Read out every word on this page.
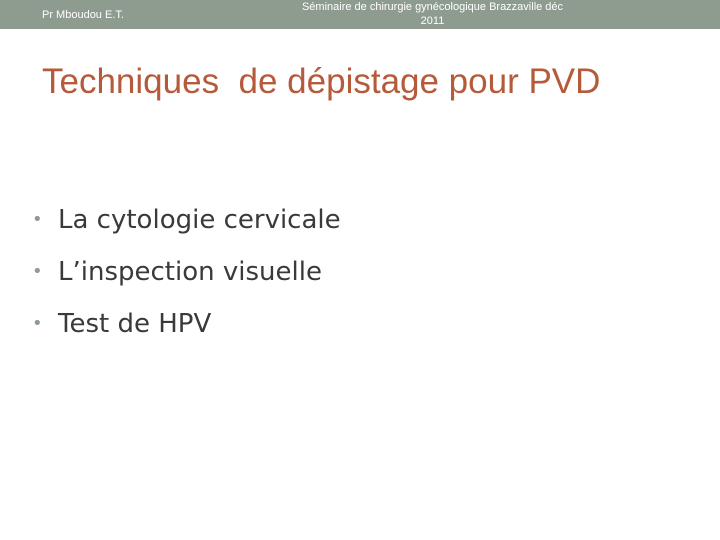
Pr Mboudou E.T.
Séminaire de chirurgie gynécologique Brazzaville déc
2011
Techniques  de dépistage pour PVD
• La cytologie cervicale
• L’inspection visuelle
• Test de HPV
